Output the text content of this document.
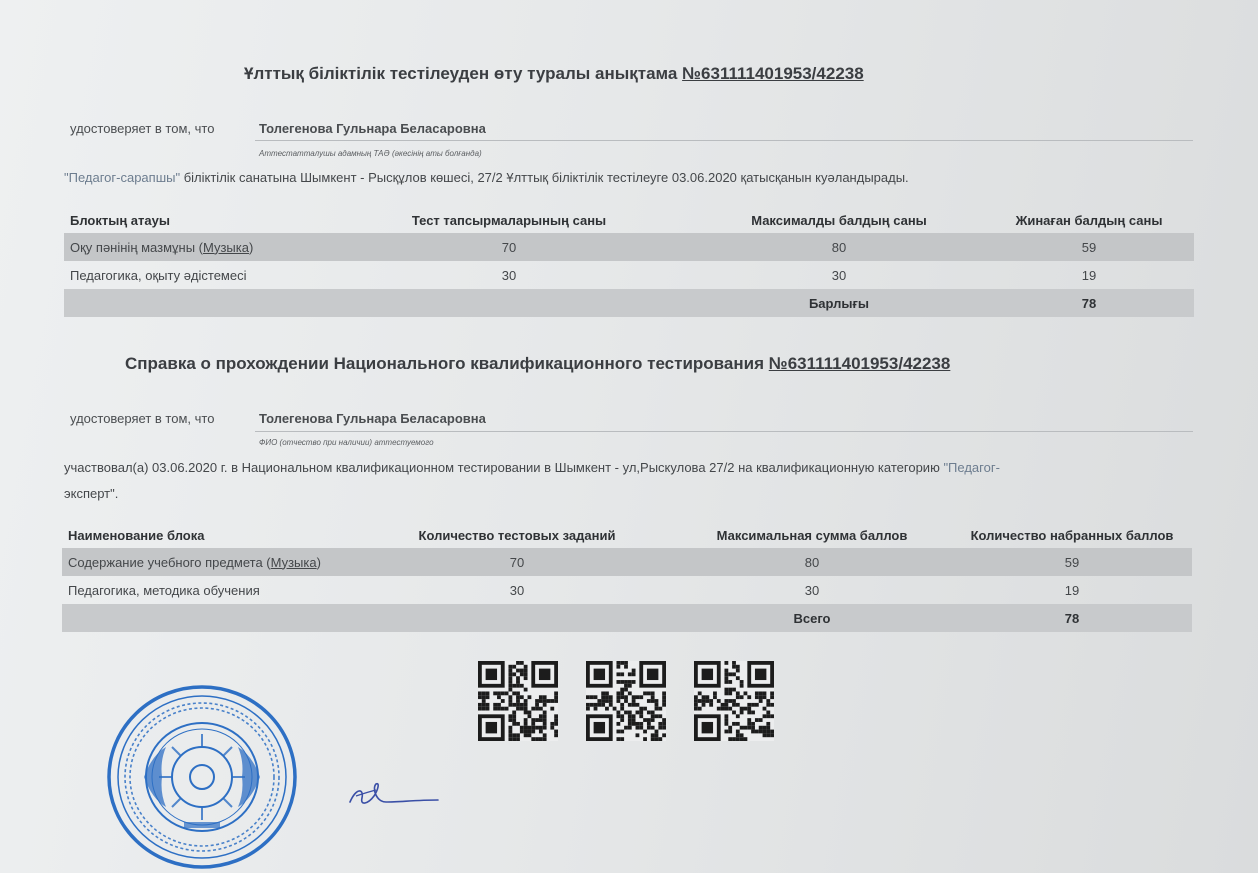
Ұлттық біліктілік тестілеуден өту туралы анықтама №631111401953/42238
удостоверяет в том, что	Толегенова Гульнара Беласаровна
Аттестатталушы адамның ТАӘ (әкесінің аты болғанда)
"Педагог-сарапшы" біліктілік санатына Шымкент - Рысқұлов көшесі, 27/2 Ұлттық біліктілік тестілеуге 03.06.2020 қатысқанын куәландырады.
Блоктың атауы	Тест тапсырмаларының саны	Максималды балдың саны	Жинаған балдың саны
Оқу пәнінің мазмұны (Музыка)	70	80	59
Педагогика, оқыту әдістемесі	30	30	19
		Барлығы	78
Справка о прохождении Национального квалификационного тестирования №631111401953/42238
удостоверяет в том, что	Толегенова Гульнара Беласаровна
ФИО (отчество при наличии) аттестуемого
участвовал(а) 03.06.2020 г. в Национальном квалификационном тестировании в Шымкент - ул,Рыскулова 27/2 на квалификационную категорию "Педагог-
эксперт".
Наименование блока	Количество тестовых заданий	Максимальная сумма баллов	Количество набранных баллов
Содержание учебного предмета (Музыка)	70	80	59
Педагогика, методика обучения	30	30	19
		Всего	78
